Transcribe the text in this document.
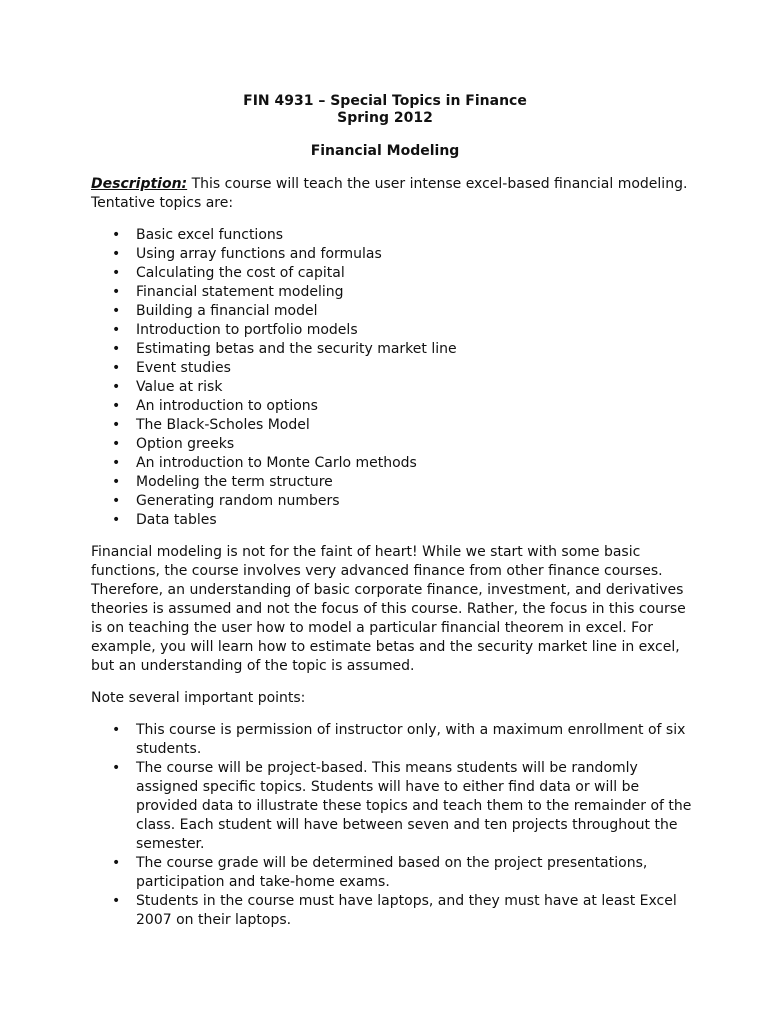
FIN 4931 – Special Topics in Finance
Spring 2012
Financial Modeling
Description: This course will teach the user intense excel-based financial modeling. Tentative topics are:
• Basic excel functions
• Using array functions and formulas
• Calculating the cost of capital
• Financial statement modeling
• Building a financial model
• Introduction to portfolio models
• Estimating betas and the security market line
• Event studies
• Value at risk
• An introduction to options
• The Black-Scholes Model
• Option greeks
• An introduction to Monte Carlo methods
• Modeling the term structure
• Generating random numbers
• Data tables
Financial modeling is not for the faint of heart! While we start with some basic functions, the course involves very advanced finance from other finance courses. Therefore, an understanding of basic corporate finance, investment, and derivatives theories is assumed and not the focus of this course. Rather, the focus in this course is on teaching the user how to model a particular financial theorem in excel. For example, you will learn how to estimate betas and the security market line in excel, but an understanding of the topic is assumed.
Note several important points:
• This course is permission of instructor only, with a maximum enrollment of six students.
• The course will be project-based. This means students will be randomly assigned specific topics. Students will have to either find data or will be provided data to illustrate these topics and teach them to the remainder of the class. Each student will have between seven and ten projects throughout the semester.
• The course grade will be determined based on the project presentations, participation and take-home exams.
• Students in the course must have laptops, and they must have at least Excel 2007 on their laptops.
